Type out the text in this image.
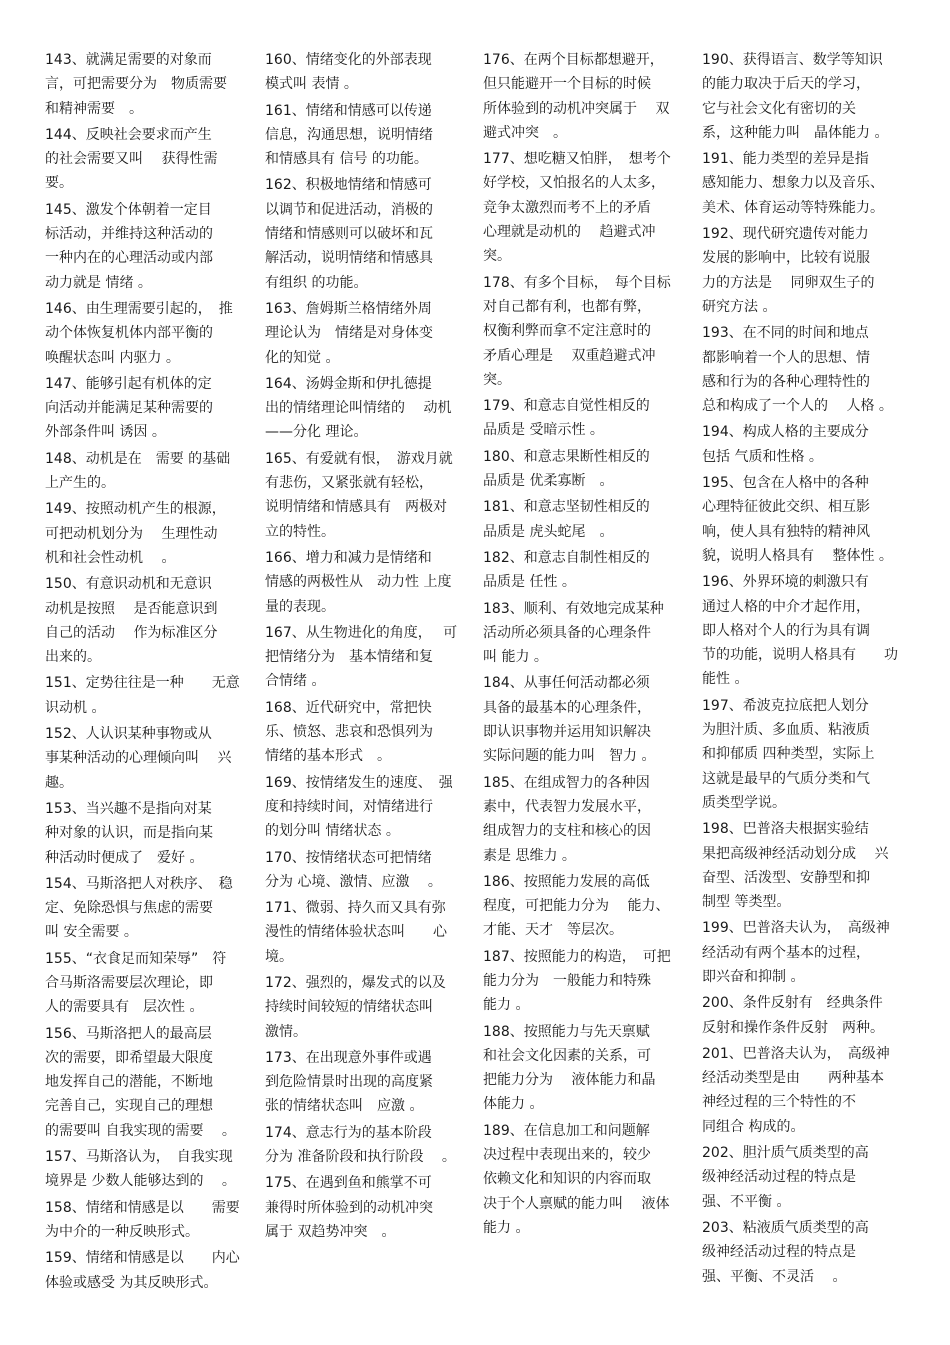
143、就满足需要的对象而
言，可把需要分为　物质需要
和精神需要　。
144、反映社会要求而产生
的社会需要又叫　 获得性需
要。
145、激发个体朝着一定目
标活动，并维持这种活动的
一种内在的心理活动或内部
动力就是 情绪 。
146、由生理需要引起的，　推
动个体恢复机体内部平衡的
唤醒状态叫 内驱力 。
147、能够引起有机体的定
向活动并能满足某种需要的
外部条件叫 诱因 。
148、动机是在　需要 的基础
上产生的。
149、按照动机产生的根源，
可把动机划分为　 生理性动
机和社会性动机　 。
150、有意识动机和无意识
动机是按照　 是否能意识到
自己的活动　 作为标准区分
出来的。
151、定势往往是一种　　无意
识动机 。
152、人认识某种事物或从
事某种活动的心理倾向叫　 兴
趣。
153、当兴趣不是指向对某
种对象的认识，而是指向某
种活动时便成了　爱好 。
154、马斯洛把人对秩序、　稳
定、免除恐惧与焦虑的需要
叫 安全需要 。
155、“衣食足而知荣辱”　符
合马斯洛需要层次理论，即
人的需要具有　层次性 。
156、马斯洛把人的最高层
次的需要，即希望最大限度
地发挥自己的潜能，不断地
完善自己，实现自己的理想
的需要叫 自我实现的需要　 。
157、马斯洛认为，　自我实现
境界是 少数人能够达到的　 。
158、情绪和情感是以　　需要
为中介的一种反映形式。
159、情绪和情感是以　　内心
体验或感受 为其反映形式。
160、情绪变化的外部表现
模式叫 表情 。
161、情绪和情感可以传递
信息，沟通思想，说明情绪
和情感具有 信号 的功能。
162、积极地情绪和情感可
以调节和促进活动，消极的
情绪和情感则可以破坏和瓦
解活动，说明情绪和情感具
有组织 的功能。
163、詹姆斯兰格情绪外周
理论认为　情绪是对身体变
化的知觉 。
164、汤姆金斯和伊扎德提
出的情绪理论叫情绪的　 动机
——分化 理论。
165、有爱就有恨，　游戏月就
有悲伤，又紧张就有轻松，
说明情绪和情感具有　两极对
立的特性。
166、增力和减力是情绪和
情感的两极性从　动力性 上度
量的表现。
167、从生物进化的角度，　 可
把情绪分为　基本情绪和复
合情绪 。
168、近代研究中，常把快
乐、愤怒、悲哀和恐惧列为
情绪的基本形式　。
169、按情绪发生的速度、　强
度和持续时间，对情绪进行
的划分叫 情绪状态 。
170、按情绪状态可把情绪
分为 心境、激情、应激　 。
171、微弱、持久而又具有弥
漫性的情绪体验状态叫　　心
境。
172、强烈的，爆发式的以及
持续时间较短的情绪状态叫
激情。
173、在出现意外事件或遇
到危险情景时出现的高度紧
张的情绪状态叫　应激 。
174、意志行为的基本阶段
分为 准备阶段和执行阶段　 。
175、在遇到鱼和熊掌不可
兼得时所体验到的动机冲突
属于 双趋势冲突　。
176、在两个目标都想避开，
但只能避开一个目标的时候
所体验到的动机冲突属于　 双
避式冲突　。
177、想吃糖又怕胖，　想考个
好学校，又怕报名的人太多，
竞争太激烈而考不上的矛盾
心理就是动机的　 趋避式冲
突。
178、有多个目标，　每个目标
对自己都有利，也都有弊，
权衡利弊而拿不定注意时的
矛盾心理是　 双重趋避式冲
突。
179、和意志自觉性相反的
品质是 受暗示性 。
180、和意志果断性相反的
品质是 优柔寡断　。
181、和意志坚韧性相反的
品质是 虎头蛇尾　。
182、和意志自制性相反的
品质是 任性 。
183、顺利、有效地完成某种
活动所必须具备的心理条件
叫 能力 。
184、从事任何活动都必须
具备的最基本的心理条件，
即认识事物并运用知识解决
实际问题的能力叫　智力 。
185、在组成智力的各种因
素中，代表智力发展水平，
组成智力的支柱和核心的因
素是 思维力 。
186、按照能力发展的高低
程度，可把能力分为　 能力、
才能、天才　等层次。
187、按照能力的构造，　可把
能力分为　一般能力和特殊
能力 。
188、按照能力与先天禀赋
和社会文化因素的关系，可
把能力分为　 液体能力和晶
体能力 。
189、在信息加工和问题解
决过程中表现出来的，较少
依赖文化和知识的内容而取
决于个人禀赋的能力叫　 液体
能力 。
190、获得语言、数学等知识
的能力取决于后天的学习，
它与社会文化有密切的关
系，这种能力叫　晶体能力 。
191、能力类型的差异是指
感知能力、想象力以及音乐、
美术、体育运动等特殊能力。
192、现代研究遗传对能力
发展的影响中，比较有说服
力的方法是　 同卵双生子的
研究方法 。
193、在不同的时间和地点
都影响着一个人的思想、情
感和行为的各种心理特性的
总和构成了一个人的　 人格 。
194、构成人格的主要成分
包括 气质和性格 。
195、包含在人格中的各种
心理特征彼此交织、相互影
响，使人具有独特的精神风
貌，说明人格具有　 整体性 。
196、外界环境的刺激只有
通过人格的中介才起作用，
即人格对个人的行为具有调
节的功能，说明人格具有　　功
能性 。
197、希波克拉底把人划分
为胆汁质、多血质、粘液质
和抑郁质 四种类型，实际上
这就是最早的气质分类和气
质类型学说。
198、巴普洛夫根据实验结
果把高级神经活动划分成　 兴
奋型、活泼型、安静型和抑
制型 等类型。
199、巴普洛夫认为，　高级神
经活动有两个基本的过程，
即兴奋和抑制 。
200、条件反射有　经典条件
反射和操作条件反射　两种。
201、巴普洛夫认为，　高级神
经活动类型是由　　两种基本
神经过程的三个特性的不
同组合 构成的。
202、胆汁质气质类型的高
级神经活动过程的特点是
强、不平衡 。
203、粘液质气质类型的高
级神经活动过程的特点是
强、平衡、不灵活　 。
